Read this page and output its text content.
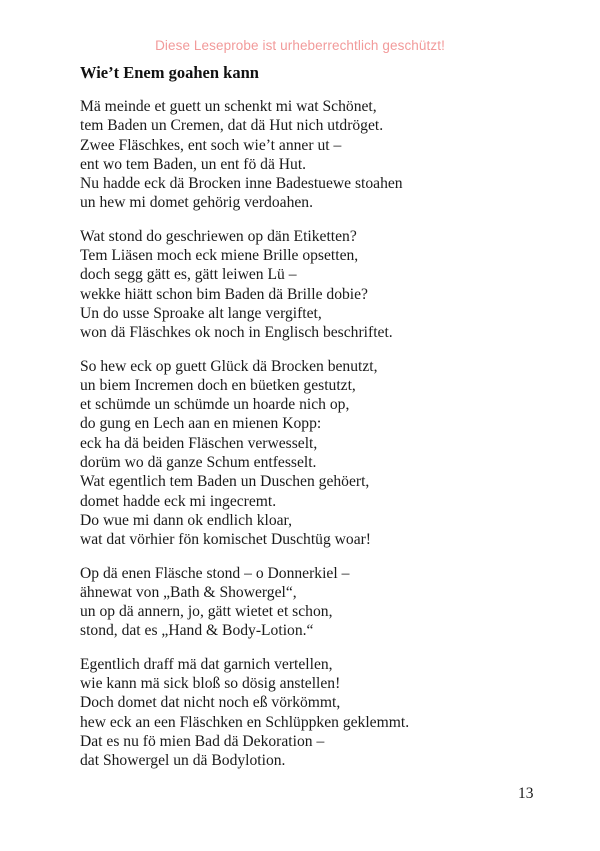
Diese Leseprobe ist urheberrechtlich geschützt!
Wie’t Enem goahen kann
Mä meinde et guett un schenkt mi wat Schönet,
tem Baden un Cremen, dat dä Hut nich utdröget.
Zwee Fläschkes, ent soch wie’t anner ut –
ent wo tem Baden, un ent fö dä Hut.
Nu hadde eck dä Brocken inne Badestuewe stoahen
un hew mi domet gehörig verdoahen.
Wat stond do geschriewen op dän Etiketten?
Tem Liäsen moch eck miene Brille opsetten,
doch segg gätt es, gätt leiwen Lü –
wekke hiätt schon bim Baden dä Brille dobie?
Un do usse Sproake alt lange vergiftet,
won dä Fläschkes ok noch in Englisch beschriftet.
So hew eck op guett Glück dä Brocken benutzt,
un biem Incremen doch en büetken gestutzt,
et schümde un schümde un hoarde nich op,
do gung en Lech aan en mienen Kopp:
eck ha dä beiden Fläschen verwesselt,
dorüm wo dä ganze Schum entfesselt.
Wat egentlich tem Baden un Duschen gehöert,
domet hadde eck mi ingecremt.
Do wue mi dann ok endlich kloar,
wat dat vörhier fön komischet Duschtüg woar!
Op dä enen Fläsche stond – o Donnerkiel –
ähnewat von „Bath & Showergel“,
un op dä annern, jo, gätt wietet et schon,
stond, dat es „Hand & Body-Lotion.“
Egentlich draff mä dat garnich vertellen,
wie kann mä sick bloß so dösig anstellen!
Doch domet dat nicht noch eß vörkömmt,
hew eck an een Fläschken en Schlüppken geklemmt.
Dat es nu fö mien Bad dä Dekoration –
dat Showergel un dä Bodylotion.
13
